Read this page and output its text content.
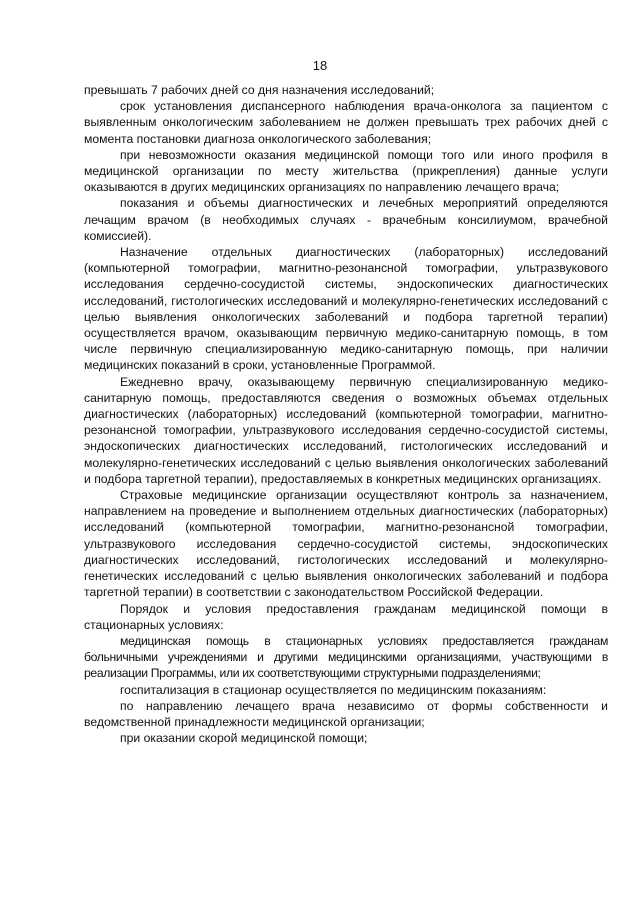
18

превышать 7 рабочих дней со дня назначения исследований;

срок установления диспансерного наблюдения врача-онколога за пациентом с выявленным онкологическим заболеванием не должен превышать трех рабочих дней с момента постановки диагноза онкологического заболевания;

при невозможности оказания медицинской помощи того или иного профиля в медицинской организации по месту жительства (прикрепления) данные услуги оказываются в других медицинских организациях по направлению лечащего врача;

показания и объемы диагностических и лечебных мероприятий определяются лечащим врачом (в необходимых случаях - врачебным консилиумом, врачебной комиссией).

Назначение отдельных диагностических (лабораторных) исследований (компьютерной томографии, магнитно-резонансной томографии, ультразвукового исследования сердечно-сосудистой системы, эндоскопических диагностических исследований, гистологических исследований и молекулярно-генетических исследований с целью выявления онкологических заболеваний и подбора таргетной терапии) осуществляется врачом, оказывающим первичную медико-санитарную помощь, в том числе первичную специализированную медико-санитарную помощь, при наличии медицинских показаний в сроки, установленные Программой.

Ежедневно врачу, оказывающему первичную специализированную медико-санитарную помощь, предоставляются сведения о возможных объемах отдельных диагностических (лабораторных) исследований (компьютерной томографии, магнитно-резонансной томографии, ультразвукового исследования сердечно-сосудистой системы, эндоскопических диагностических исследований, гистологических исследований и молекулярно-генетических исследований с целью выявления онкологических заболеваний и подбора таргетной терапии), предоставляемых в конкретных медицинских организациях.

Страховые медицинские организации осуществляют контроль за назначением, направлением на проведение и выполнением отдельных диагностических (лабораторных) исследований (компьютерной томографии, магнитно-резонансной томографии, ультразвукового исследования сердечно-сосудистой системы, эндоскопических диагностических исследований, гистологических исследований и молекулярно-генетических исследований с целью выявления онкологических заболеваний и подбора таргетной терапии) в соответствии с законодательством Российской Федерации.

Порядок и условия предоставления гражданам медицинской помощи в стационарных условиях:

медицинская помощь в стационарных условиях предоставляется гражданам больничными учреждениями и другими медицинскими организациями, участвующими в реализации Программы, или их соответствующими структурными подразделениями;

госпитализация в стационар осуществляется по медицинским показаниям:

по направлению лечащего врача независимо от формы собственности и ведомственной принадлежности медицинской организации;

при оказании скорой медицинской помощи;
